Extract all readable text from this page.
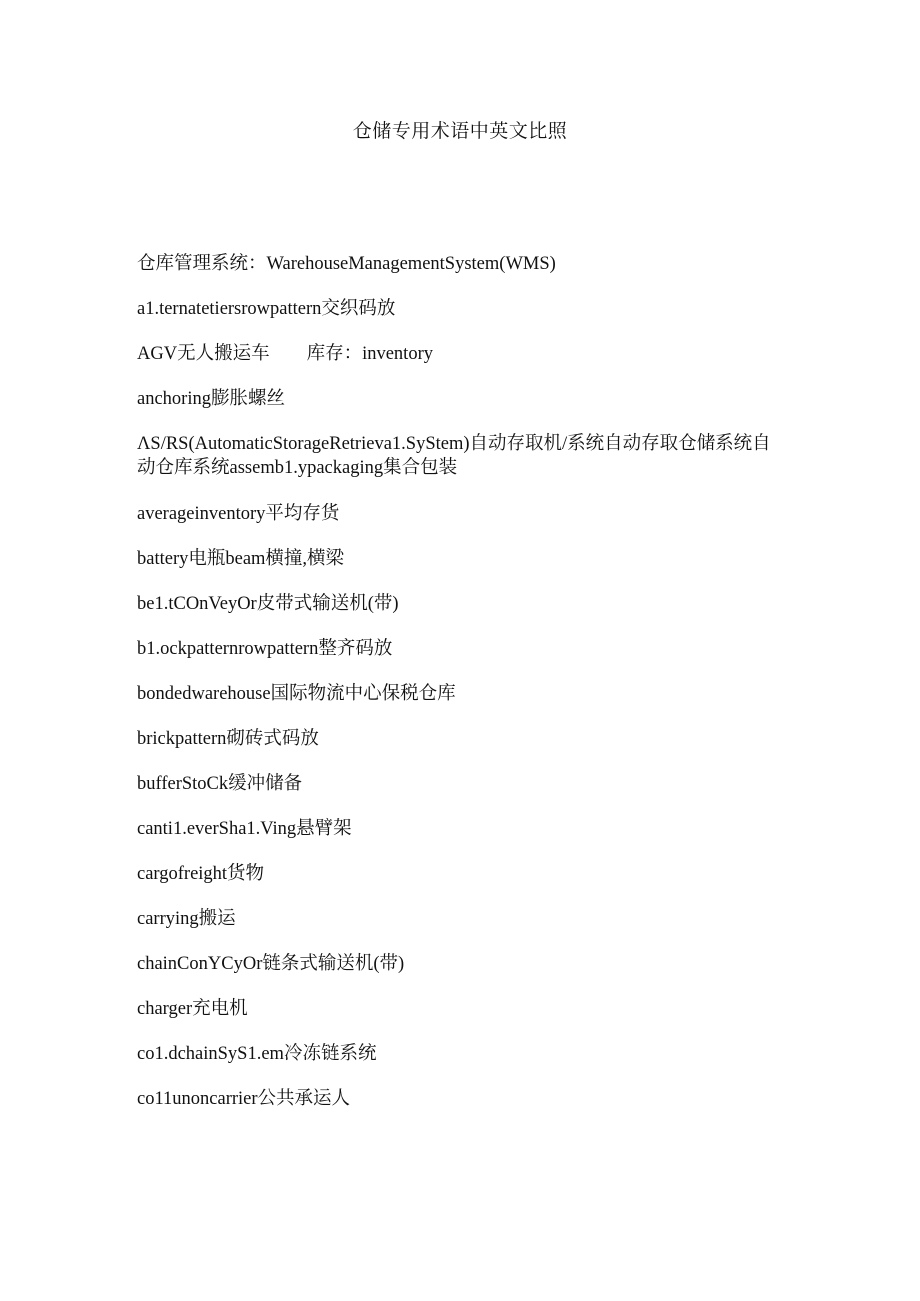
仓储专用术语中英文比照
仓库管理系统：WarehouseManagementSystem(WMS)
a1.ternatetiersrowpattern交织码放
AGV无人搬运车　　库存：inventory
anchoring膨胀螺丝
ΛS/RS(AutomaticStorageRetrieva1.SyStem)自动存取机/系统自动存取仓储系统自动仓库系统assemb1.ypackaging集合包装
averageinventory平均存货
battery电瓶beam横撞,横梁
be1.tCOnVeyOr皮带式输送机(带)
b1.ockpatternrowpattern整齐码放
bondedwarehouse国际物流中心保税仓库
brickpattern砌砖式码放
bufferStoCk缓冲储备
canti1.everSha1.Ving悬臂架
cargofreight货物
carrying搬运
chainConYCyOr链条式输送机(带)
charger充电机
co1.dchainSyS1.em冷冻链系统
co11unoncarrier公共承运人
